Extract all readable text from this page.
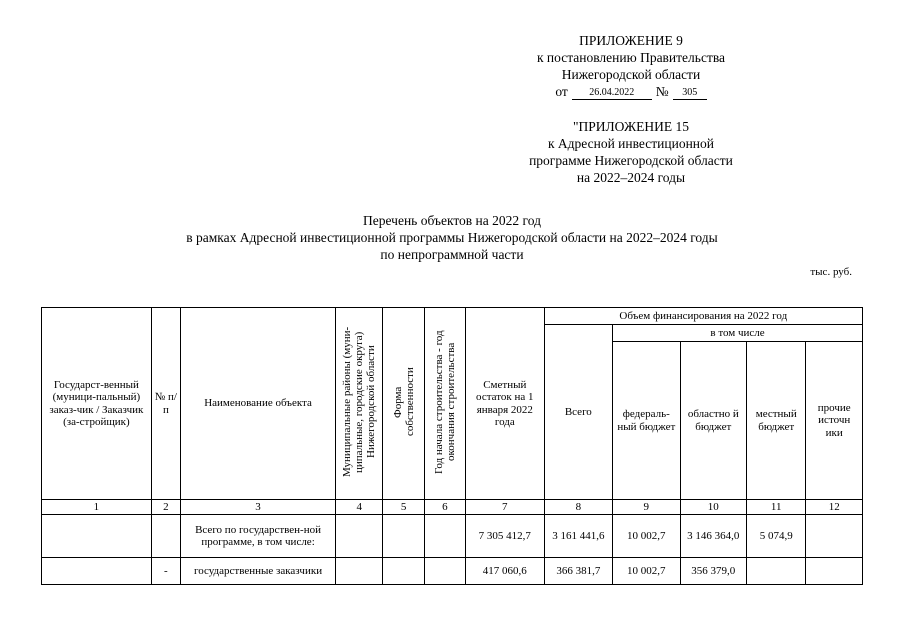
ПРИЛОЖЕНИЕ 9
к постановлению Правительства
Нижегородской области
от	26.04.2022	№	305
"ПРИЛОЖЕНИЕ 15
к Адресной инвестиционной
программе Нижегородской области
на 2022–2024 годы
Перечень объектов на 2022 год
в рамках Адресной инвестиционной программы Нижегородской области на 2022–2024 годы
по непрограммной части
тыс. руб.
Государст-венный (муници-пальный) заказ-чик / Заказчик (за-стройщик)	№ п/п	Наименование объекта	Муниципальные районы (муни-ципальные, городские округа) Нижегородской области	Форма собственности	Год начала строительства - год окончания строительства	Сметный остаток на 1 января 2022 года	Объем финансирования на 2022 год				
							Всего	в том числе			
								федераль-ный бюджет	областно й бюджет	местный бюджет	прочие источн ики
1	2	3	4	5	6	7	8	9	10	11	12
		Всего по государствен-ной программе, в том числе:				7 305 412,7	3 161 441,6	10 002,7	3 146 364,0	5 074,9	
	-	государственные заказчики				417 060,6	366 381,7	10 002,7	356 379,0		
